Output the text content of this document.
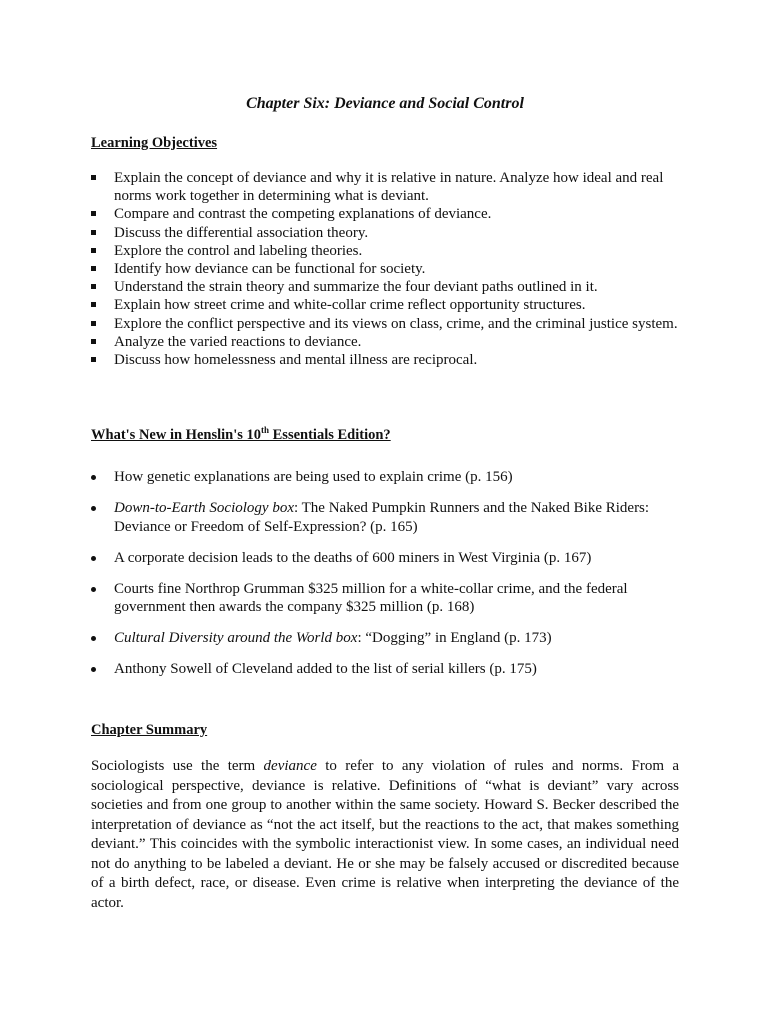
Chapter Six: Deviance and Social Control
Learning Objectives
Explain the concept of deviance and why it is relative in nature. Analyze how ideal and real norms work together in determining what is deviant.
Compare and contrast the competing explanations of deviance.
Discuss the differential association theory.
Explore the control and labeling theories.
Identify how deviance can be functional for society.
Understand the strain theory and summarize the four deviant paths outlined in it.
Explain how street crime and white-collar crime reflect opportunity structures.
Explore the conflict perspective and its views on class, crime, and the criminal justice system.
Analyze the varied reactions to deviance.
Discuss how homelessness and mental illness are reciprocal.
What's New in Henslin's 10th Essentials Edition?
How genetic explanations are being used to explain crime (p. 156)
Down-to-Earth Sociology box: The Naked Pumpkin Runners and the Naked Bike Riders: Deviance or Freedom of Self-Expression? (p. 165)
A corporate decision leads to the deaths of 600 miners in West Virginia (p. 167)
Courts fine Northrop Grumman $325 million for a white-collar crime, and the federal government then awards the company $325 million (p. 168)
Cultural Diversity around the World box: “Dogging” in England (p. 173)
Anthony Sowell of Cleveland added to the list of serial killers (p. 175)
Chapter Summary

Sociologists use the term deviance to refer to any violation of rules and norms. From a sociological perspective, deviance is relative. Definitions of “what is deviant” vary across societies and from one group to another within the same society. Howard S. Becker described the interpretation of deviance as “not the act itself, but the reactions to the act, that makes something deviant.” This coincides with the symbolic interactionist view. In some cases, an individual need not do anything to be labeled a deviant. He or she may be falsely accused or discredited because of a birth defect, race, or disease. Even crime is relative when interpreting the deviance of the actor.
